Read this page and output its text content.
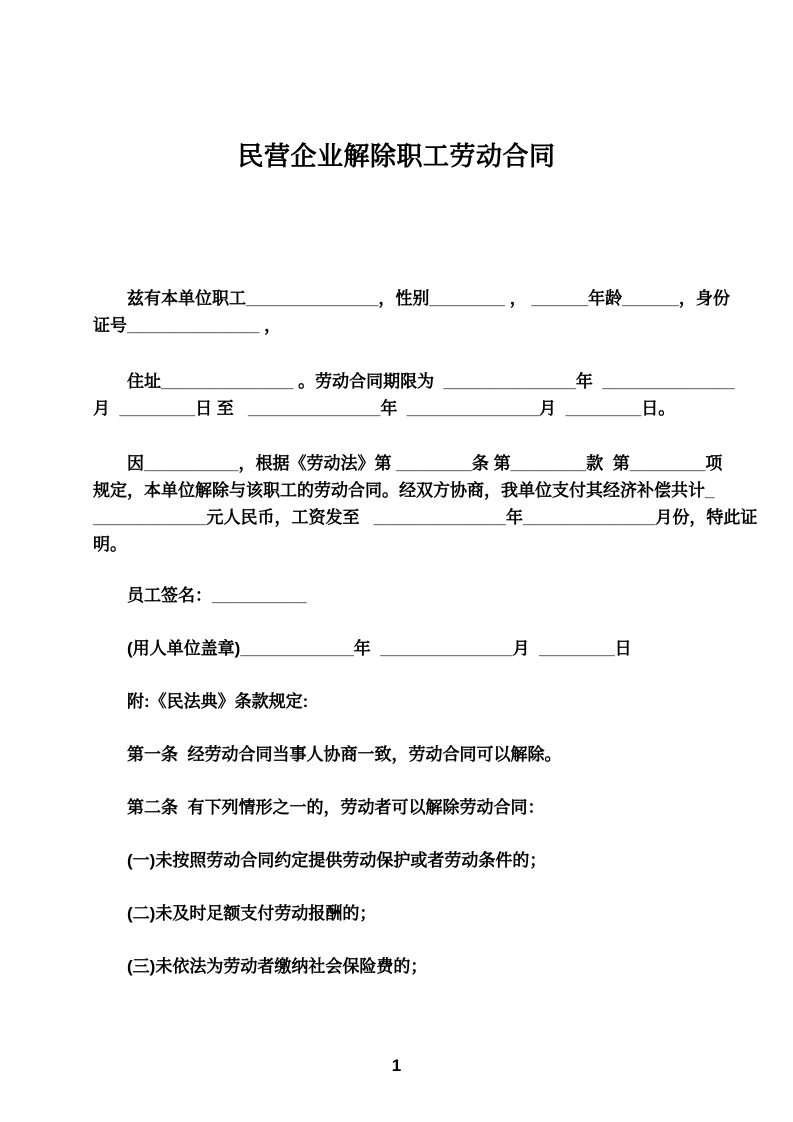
民营企业解除职工劳动合同
兹有本单位职工______________，性别________ ， ______年龄______，身份
证号______________ ，
住址______________ 。劳动合同期限为  ______________年  ______________
月  ________日 至   ______________年  ______________月  ________日。
因__________，根据《劳动法》第 ________条 第________款  第________项
规定，本单位解除与该职工的劳动合同。经双方协商，我单位支付其经济补偿共计_
____________元人民币，工资发至   ______________年______________月份，特此证
明。
员工签名：__________
(用人单位盖章)____________年  ______________月  ________日
附:《民法典》条款规定:
第一条  经劳动合同当事人协商一致，劳动合同可以解除。
第二条  有下列情形之一的，劳动者可以解除劳动合同：
(一)未按照劳动合同约定提供劳动保护或者劳动条件的；
(二)未及时足额支付劳动报酬的；
(三)未依法为劳动者缴纳社会保险费的；
1
